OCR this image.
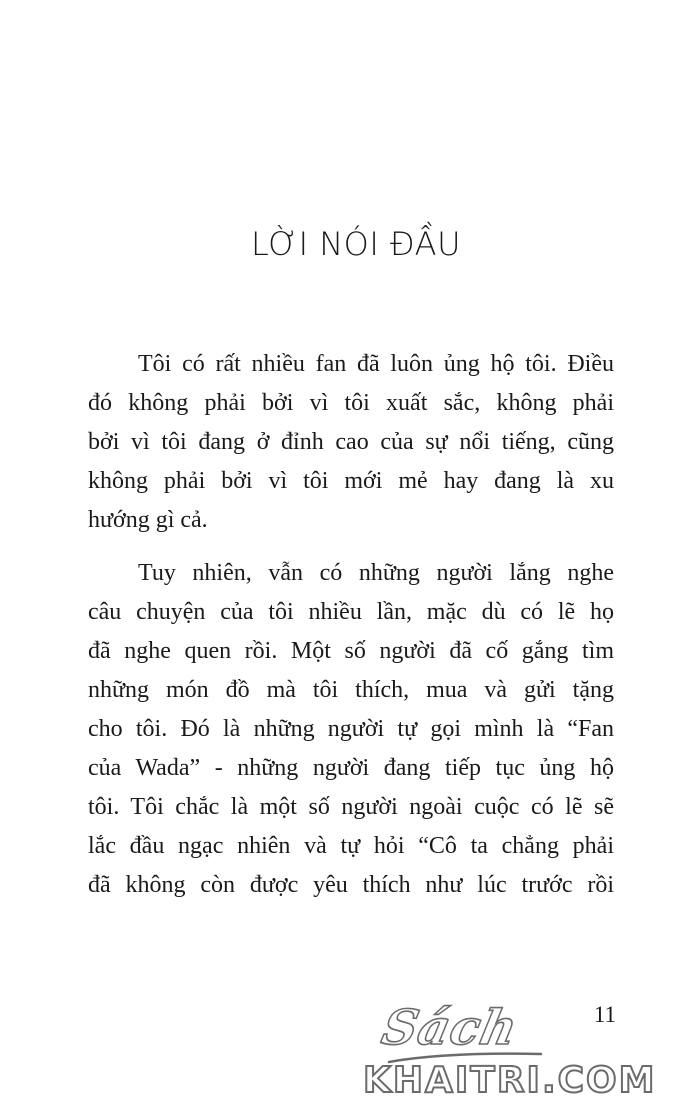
LỜI NÓI ĐẦU

Tôi có rất nhiều fan đã luôn ủng hộ tôi. Điều
đó không phải bởi vì tôi xuất sắc, không phải
bởi vì tôi đang ở đỉnh cao của sự nổi tiếng, cũng
không phải bởi vì tôi mới mẻ hay đang là xu
hướng gì cả.

Tuy nhiên, vẫn có những người lắng nghe
câu chuyện của tôi nhiều lần, mặc dù có lẽ họ
đã nghe quen rồi. Một số người đã cố gắng tìm
những món đồ mà tôi thích, mua và gửi tặng
cho tôi. Đó là những người tự gọi mình là “Fan
của Wada” - những người đang tiếp tục ủng hộ
tôi. Tôi chắc là một số người ngoài cuộc có lẽ sẽ
lắc đầu ngạc nhiên và tự hỏi “Cô ta chẳng phải
đã không còn được yêu thích như lúc trước rồi

11
Sách
KHAITRI.COM
